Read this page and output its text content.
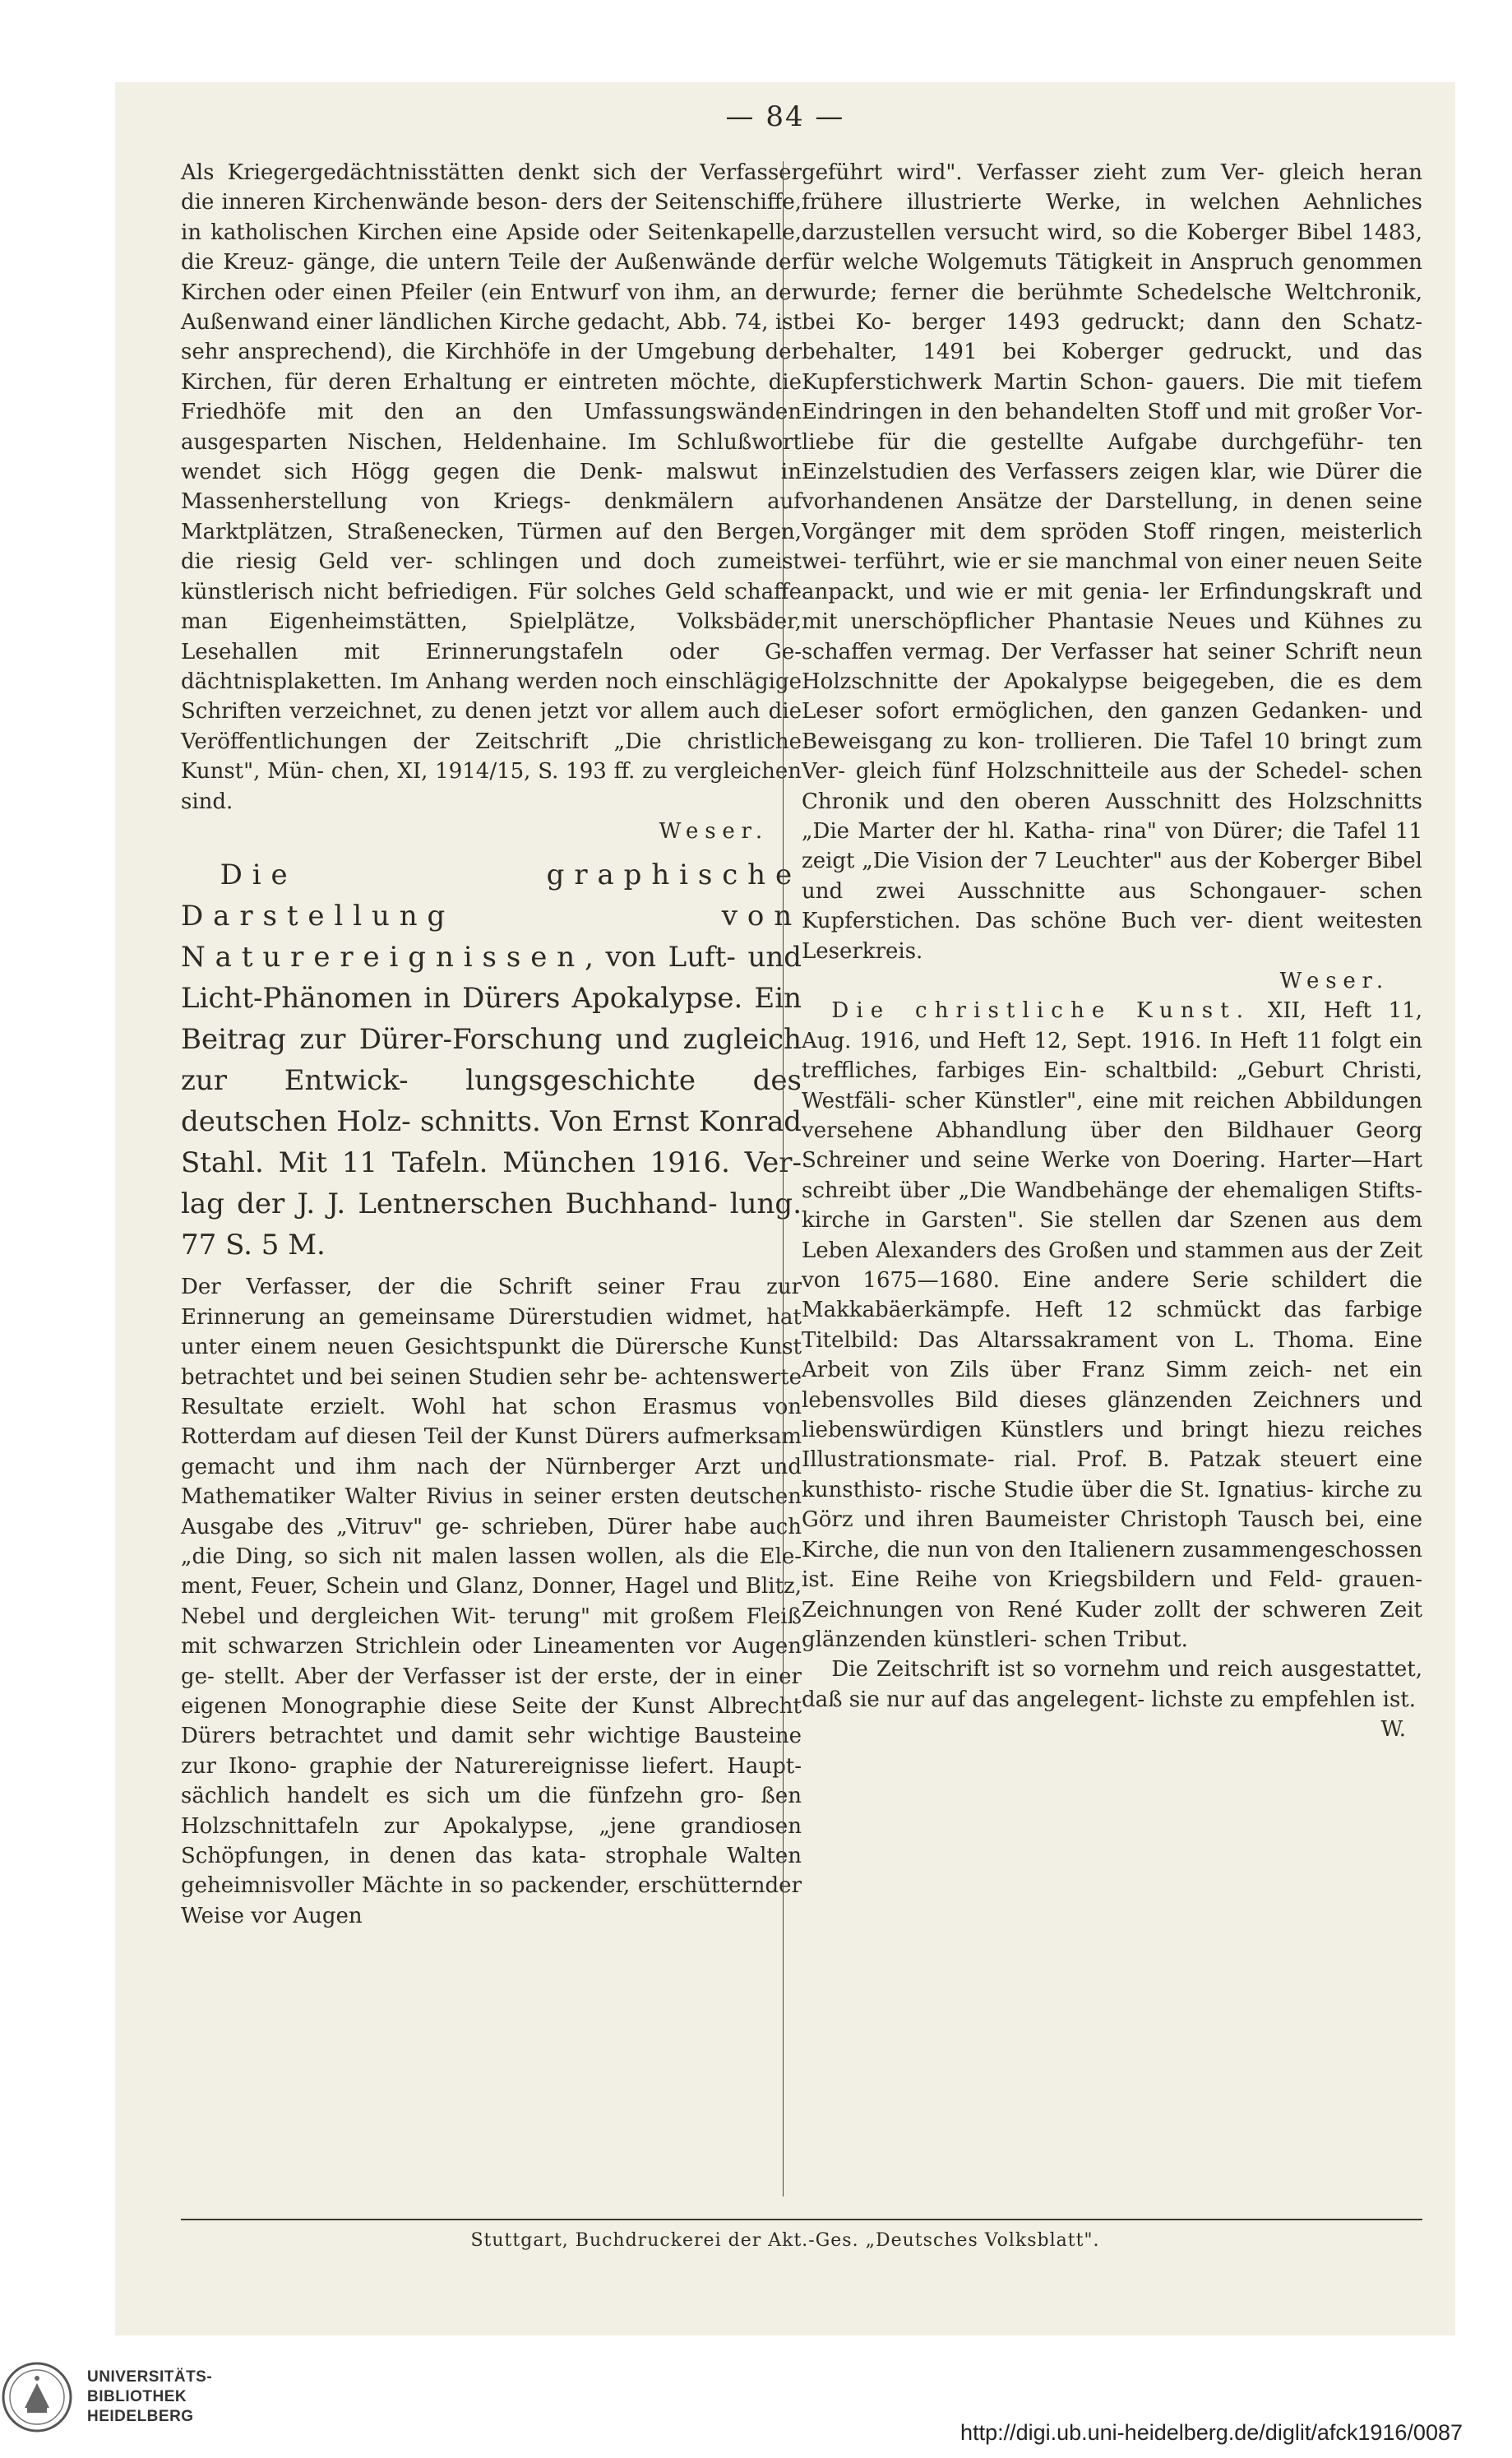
— 84 —

Als Kriegergedächtnisstätten denkt sich der Verfasser die inneren Kirchenwände beson- ders der Seitenschiffe, in katholischen Kirchen eine Apside oder Seitenkapelle, die Kreuz- gänge, die untern Teile der Außenwände der Kirchen oder einen Pfeiler (ein Entwurf von ihm, an der Außenwand einer ländlichen Kirche gedacht, Abb. 74, ist sehr ansprechend), die Kirchhöfe in der Umgebung der Kirchen, für deren Erhaltung er eintreten möchte, die Friedhöfe mit den an den Umfassungswänden ausgesparten Nischen, Heldenhaine. Im Schlußwort wendet sich Högg gegen die Denk- malswut in Massenherstellung von Kriegs- denkmälern auf Marktplätzen, Straßenecken, Türmen auf den Bergen, die riesig Geld ver- schlingen und doch zumeist künstlerisch nicht befriedigen. Für solches Geld schaffe man Eigenheimstätten, Spielplätze, Volksbäder, Lesehallen mit Erinnerungstafeln oder Ge- dächtnisplaketten. Im Anhang werden noch einschlägige Schriften verzeichnet, zu denen jetzt vor allem auch die Veröffentlichungen der Zeitschrift „Die christliche Kunst", Mün- chen, XI, 1914/15, S. 193 ff. zu vergleichen sind.

Weser.

Die graphische Darstellung von Naturereignissen, von Luft- und Licht-Phänomen in Dürers Apokalypse. Ein Beitrag zur Dürer-Forschung und zugleich zur Entwick- lungsgeschichte des deutschen Holz- schnitts. Von Ernst Konrad Stahl. Mit 11 Tafeln. München 1916. Ver- lag der J. J. Lentnerschen Buchhand- lung. 77 S. 5 M.

Der Verfasser, der die Schrift seiner Frau zur Erinnerung an gemeinsame Dürerstudien widmet, hat unter einem neuen Gesichtspunkt die Dürersche Kunst betrachtet und bei seinen Studien sehr be- achtenswerte Resultate erzielt. Wohl hat schon Erasmus von Rotterdam auf diesen Teil der Kunst Dürers aufmerksam gemacht und ihm nach der Nürnberger Arzt und Mathematiker Walter Rivius in seiner ersten deutschen Ausgabe des „Vitruv" ge- schrieben, Dürer habe auch „die Ding, so sich nit malen lassen wollen, als die Ele- ment, Feuer, Schein und Glanz, Donner, Hagel und Blitz, Nebel und dergleichen Wit- terung" mit großem Fleiß mit schwarzen Strichlein oder Lineamenten vor Augen ge- stellt. Aber der Verfasser ist der erste, der in einer eigenen Monographie diese Seite der Kunst Albrecht Dürers betrachtet und damit sehr wichtige Bausteine zur Ikono- graphie der Naturereignisse liefert. Haupt- sächlich handelt es sich um die fünfzehn gro- ßen Holzschnittafeln zur Apokalypse, „jene grandiosen Schöpfungen, in denen das kata- strophale Walten geheimnisvoller Mächte in so packender, erschütternder Weise vor Augen

geführt wird". Verfasser zieht zum Ver- gleich heran frühere illustrierte Werke, in welchen Aehnliches darzustellen versucht wird, so die Koberger Bibel 1483, für welche Wolgemuts Tätigkeit in Anspruch genommen wurde; ferner die berühmte Schedelsche Weltchronik, bei Ko- berger 1493 gedruckt; dann den Schatz- behalter, 1491 bei Koberger gedruckt, und das Kupferstichwerk Martin Schon- gauers. Die mit tiefem Eindringen in den behandelten Stoff und mit großer Vor- liebe für die gestellte Aufgabe durchgeführ- ten Einzelstudien des Verfassers zeigen klar, wie Dürer die vorhandenen Ansätze der Darstellung, in denen seine Vorgänger mit dem spröden Stoff ringen, meisterlich wei- terführt, wie er sie manchmal von einer neuen Seite anpackt, und wie er mit genia- ler Erfindungskraft und mit unerschöpflicher Phantasie Neues und Kühnes zu schaffen vermag. Der Verfasser hat seiner Schrift neun Holzschnitte der Apokalypse beigegeben, die es dem Leser sofort ermöglichen, den ganzen Gedanken- und Beweisgang zu kon- trollieren. Die Tafel 10 bringt zum Ver- gleich fünf Holzschnitteile aus der Schedel- schen Chronik und den oberen Ausschnitt des Holzschnitts „Die Marter der hl. Katha- rina" von Dürer; die Tafel 11 zeigt „Die Vision der 7 Leuchter" aus der Koberger Bibel und zwei Ausschnitte aus Schongauer- schen Kupferstichen. Das schöne Buch ver- dient weitesten Leserkreis.

Weser.

Die christliche Kunst. XII, Heft 11, Aug. 1916, und Heft 12, Sept. 1916. In Heft 11 folgt ein treffliches, farbiges Ein- schaltbild: „Geburt Christi, Westfäli- scher Künstler", eine mit reichen Abbildungen versehene Abhandlung über den Bildhauer Georg Schreiner und seine Werke von Doering. Harter—Hart schreibt über „Die Wandbehänge der ehemaligen Stifts- kirche in Garsten". Sie stellen dar Szenen aus dem Leben Alexanders des Großen und stammen aus der Zeit von 1675—1680. Eine andere Serie schildert die Makkabäerkämpfe. Heft 12 schmückt das farbige Titelbild: Das Altarssakrament von L. Thoma. Eine Arbeit von Zils über Franz Simm zeich- net ein lebensvolles Bild dieses glänzenden Zeichners und liebenswürdigen Künstlers und bringt hiezu reiches Illustrationsmate- rial. Prof. B. Patzak steuert eine kunsthisto- rische Studie über die St. Ignatius- kirche zu Görz und ihren Baumeister Christoph Tausch bei, eine Kirche, die nun von den Italienern zusammengeschossen ist. Eine Reihe von Kriegsbildern und Feld- grauen-Zeichnungen von René Kuder zollt der schweren Zeit glänzenden künstleri- schen Tribut.

Die Zeitschrift ist so vornehm und reich ausgestattet, daß sie nur auf das angelegent- lichste zu empfehlen ist.

W.

Stuttgart, Buchdruckerei der Akt.-Ges. „Deutsches Volksblatt".
UNIVERSITÄTS-
BIBLIOTHEK
HEIDELBERG
http://digi.ub.uni-heidelberg.de/diglit/afck1916/0087
